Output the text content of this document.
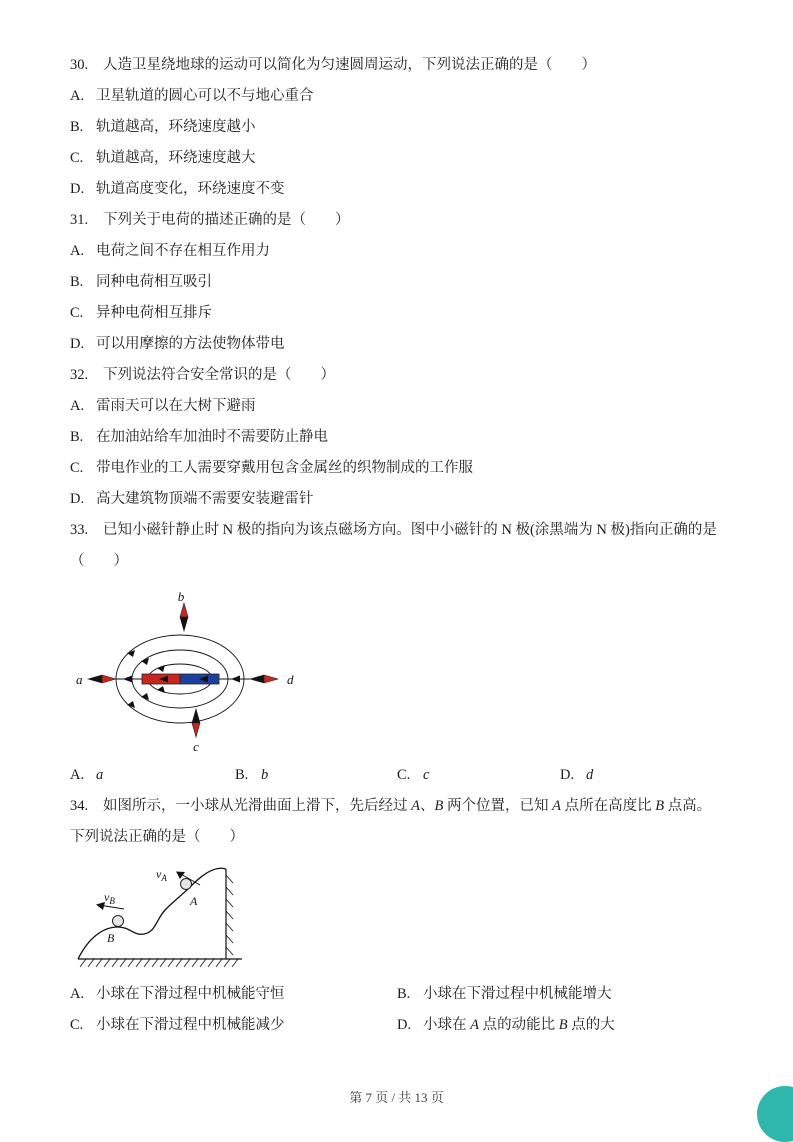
30. 人造卫星绕地球的运动可以简化为匀速圆周运动，下列说法正确的是（　　）

A. 卫星轨道的圆心可以不与地心重合

B. 轨道越高，环绕速度越小

C. 轨道越高，环绕速度越大

D. 轨道高度变化，环绕速度不变

31. 下列关于电荷的描述正确的是（　　）

A. 电荷之间不存在相互作用力

B. 同种电荷相互吸引

C. 异种电荷相互排斥

D. 可以用摩擦的方法使物体带电

32. 下列说法符合安全常识的是（　　）

A. 雷雨天可以在大树下避雨

B. 在加油站给车加油时不需要防止静电

C. 带电作业的工人需要穿戴用包含金属丝的织物制成的工作服

D. 高大建筑物顶端不需要安装避雷针

33. 已知小磁针静止时 N 极的指向为该点磁场方向。图中小磁针的 N 极(涂黑端为 N 极)指向正确的是（　　）

a
b
c
d

A. a	B. b	C. c	D. d

34. 如图所示，一小球从光滑曲面上滑下，先后经过 A、B 两个位置，已知 A 点所在高度比 B 点高。下列说法正确的是（　　）

$v_A$
$v_B$	A
B

A. 小球在下滑过程中机械能守恒	B. 小球在下滑过程中机械能增大

C. 小球在下滑过程中机械能减少	D. 小球在 A 点的动能比 B 点的大

第 7 页 / 共 13 页
